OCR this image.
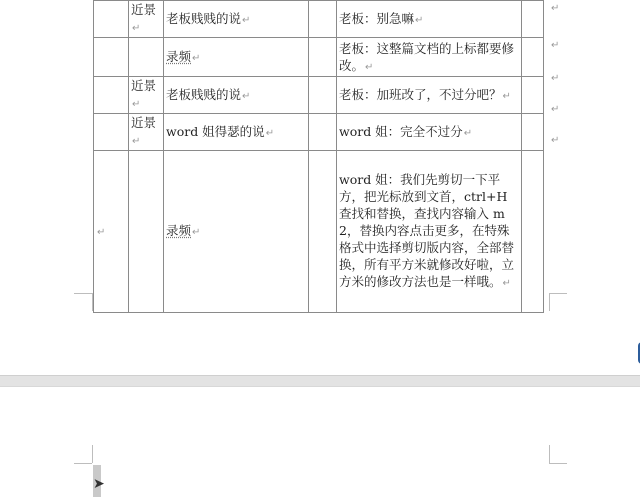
	近景↵	老板贱贱的说↵		老板：别急嘛↵	
		录频↵		老板：这整篇文档的上标都要修改。↵	
	近景↵	老板贱贱的说↵		老板：加班改了，不过分吧？↵	
	近景↵	word 姐得瑟的说↵		word 姐：完全不过分↵	
↵		录频↵		word 姐：我们先剪切一下平方，把光标放到文首，ctrl+H 查找和替换，查找内容输入 m2，替换内容点击更多，在特殊格式中选择剪切版内容，全部替换，所有平方米就修改好啦，立方米的修改方法也是一样哦。↵	
↵
↵
↵
↵
↵
➤
